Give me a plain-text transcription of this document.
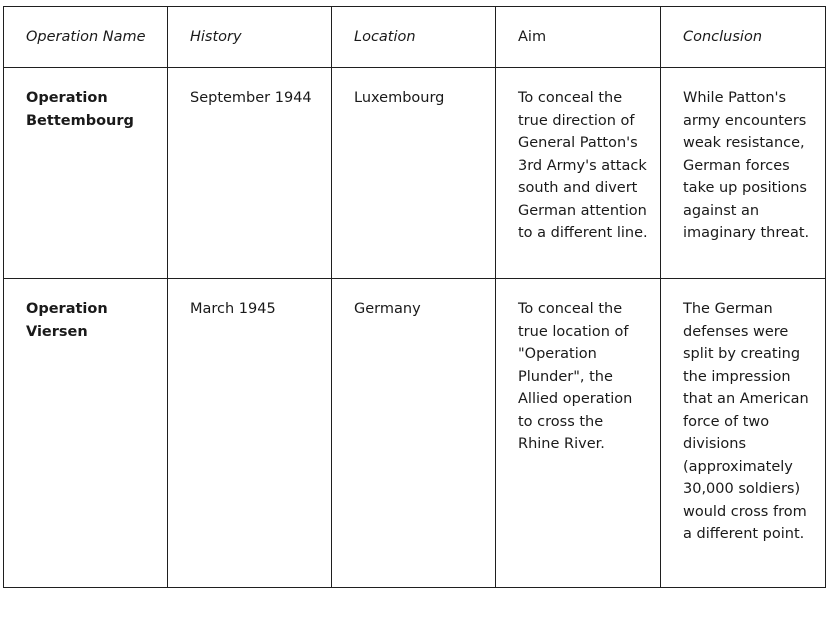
Operation Name	History	Location	Aim	Conclusion
Operation Bettembourg	September 1944	Luxembourg	To conceal the true direction of General Patton's 3rd Army's attack south and divert German attention to a different line.	While Patton's army encounters weak resistance, German forces take up positions against an imaginary threat.
Operation Viersen	March 1945	Germany	To conceal the true location of "Operation Plunder", the Allied operation to cross the Rhine River.	The German defenses were split by creating the impression that an American force of two divisions (approximately 30,000 soldiers) would cross from a different point.
